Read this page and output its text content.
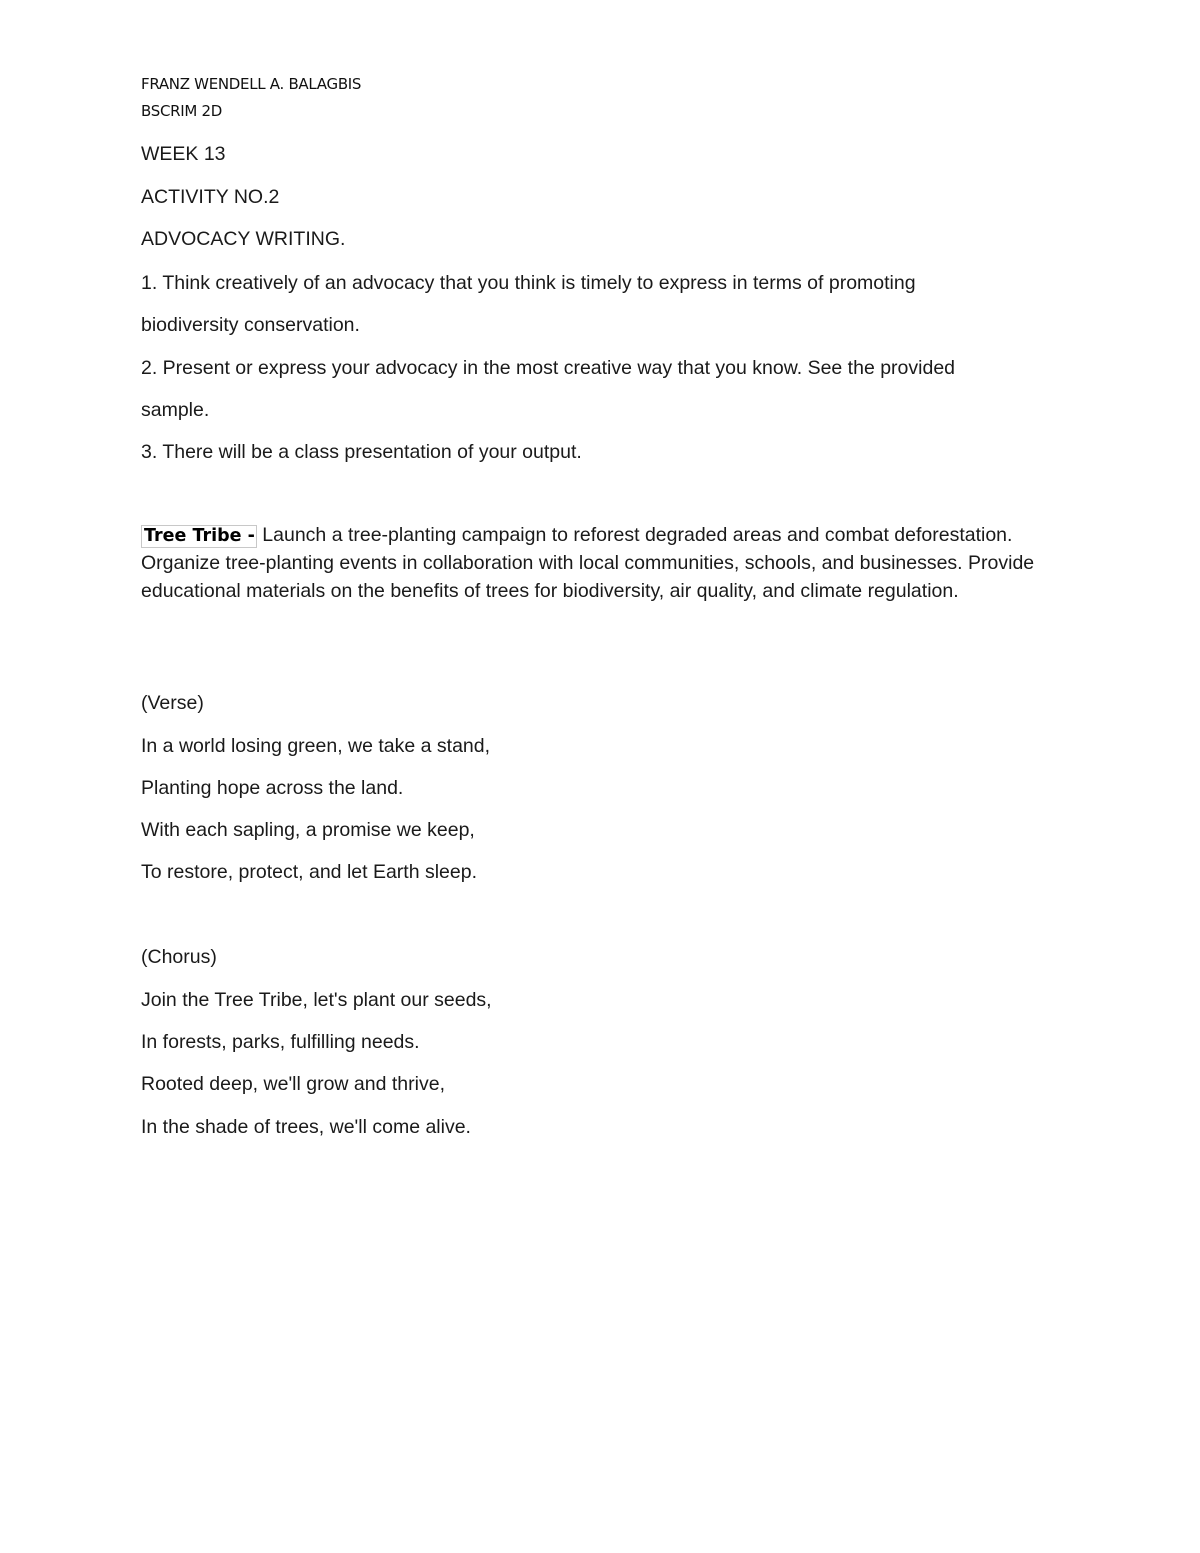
FRANZ WENDELL A. BALAGBIS
BSCRIM 2D
WEEK 13
ACTIVITY NO.2
ADVOCACY WRITING.
1. Think creatively of an advocacy that you think is timely to express in terms of promoting
biodiversity conservation.
2. Present or express your advocacy in the most creative way that you know. See the provided
sample.
3. There will be a class presentation of your output.
Tree Tribe - Launch a tree-planting campaign to reforest degraded areas and combat deforestation. Organize tree-planting events in collaboration with local communities, schools, and businesses. Provide educational materials on the benefits of trees for biodiversity, air quality, and climate regulation.
(Verse)
In a world losing green, we take a stand,
Planting hope across the land.
With each sapling, a promise we keep,
To restore, protect, and let Earth sleep.
(Chorus)
Join the Tree Tribe, let's plant our seeds,
In forests, parks, fulfilling needs.
Rooted deep, we'll grow and thrive,
In the shade of trees, we'll come alive.
